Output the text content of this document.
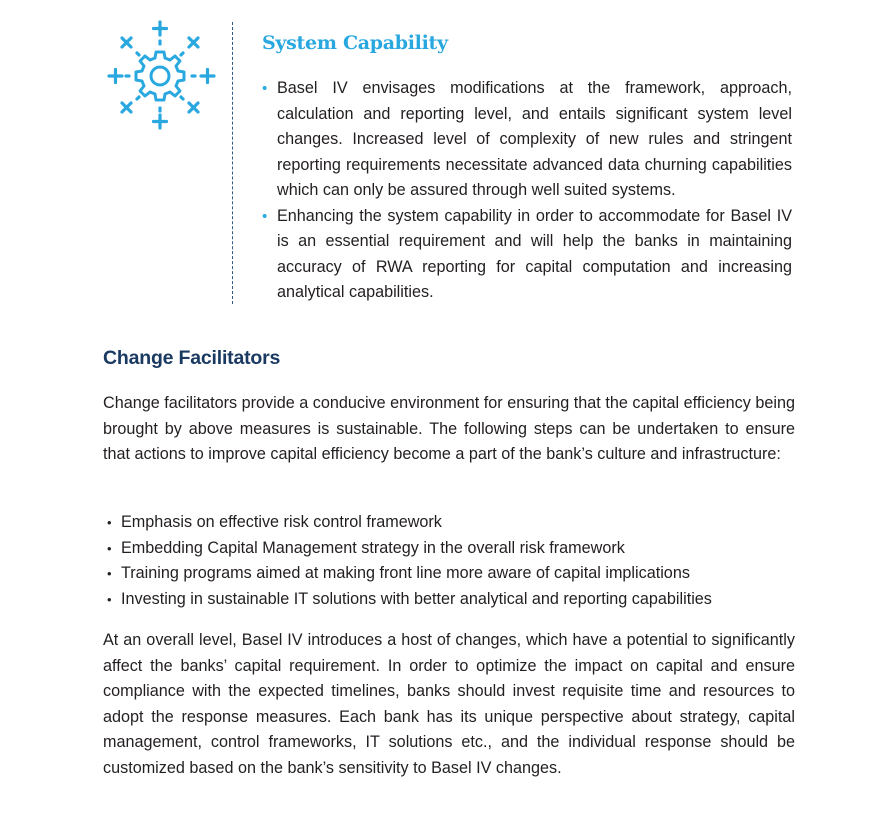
System Capability
• Basel IV envisages modifications at the framework, approach, calculation and reporting level, and entails significant system level changes. Increased level of complexity of new rules and stringent reporting requirements necessitate advanced data churning capabilities which can only be assured through well suited systems.
• Enhancing the system capability in order to accommodate for Basel IV is an essential requirement and will help the banks in maintaining accuracy of RWA reporting for capital computation and increasing analytical capabilities.
Change Facilitators

Change facilitators provide a conducive environment for ensuring that the capital efficiency being brought by above measures is sustainable. The following steps can be undertaken to ensure that actions to improve capital efficiency become a part of the bank’s culture and infrastructure:

• Emphasis on effective risk control framework
• Embedding Capital Management strategy in the overall risk framework
• Training programs aimed at making front line more aware of capital implications
• Investing in sustainable IT solutions with better analytical and reporting capabilities

At an overall level, Basel IV introduces a host of changes, which have a potential to significantly affect the banks’ capital requirement. In order to optimize the impact on capital and ensure compliance with the expected timelines, banks should invest requisite time and resources to adopt the response measures. Each bank has its unique perspective about strategy, capital management, control frameworks, IT solutions etc., and the individual response should be customized based on the bank’s sensitivity to Basel IV changes.
